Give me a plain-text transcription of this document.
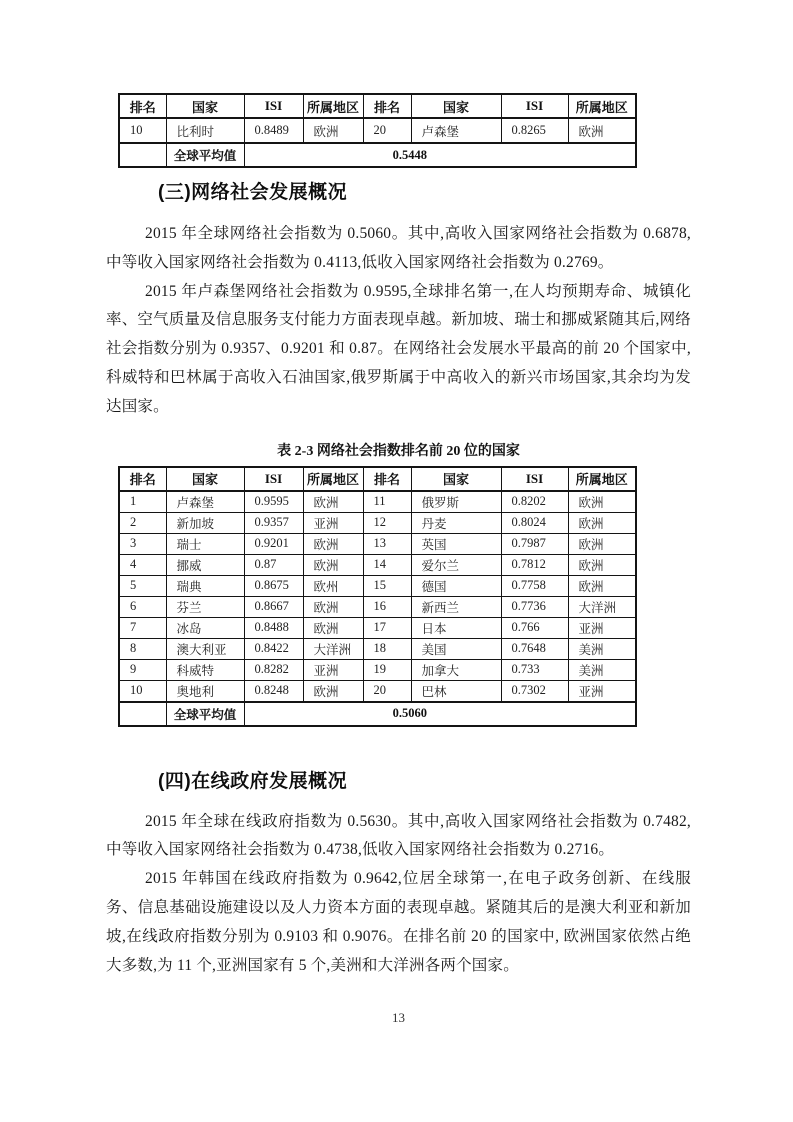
排名	国家	ISI	所属地区	排名	国家	ISI	所属地区
10	比利时	0.8489	欧洲	20	卢森堡	0.8265	欧洲
	全球平均值	0.5448					
(三)网络社会发展概况

2015 年全球网络社会指数为 0.5060。其中,高收入国家网络社会指数为 0.6878,中等收入国家网络社会指数为 0.4113,低收入国家网络社会指数为 0.2769。

2015 年卢森堡网络社会指数为 0.9595,全球排名第一,在人均预期寿命、城镇化率、空气质量及信息服务支付能力方面表现卓越。新加坡、瑞士和挪威紧随其后,网络社会指数分别为 0.9357、0.9201 和 0.87。在网络社会发展水平最高的前 20 个国家中,科威特和巴林属于高收入石油国家,俄罗斯属于中高收入的新兴市场国家,其余均为发达国家。

表 2-3 网络社会指数排名前 20 位的国家
排名	国家	ISI	所属地区	排名	国家	ISI	所属地区
1	卢森堡	0.9595	欧洲	11	俄罗斯	0.8202	欧洲
2	新加坡	0.9357	亚洲	12	丹麦	0.8024	欧洲
3	瑞士	0.9201	欧洲	13	英国	0.7987	欧洲
4	挪威	0.87	欧洲	14	爱尔兰	0.7812	欧洲
5	瑞典	0.8675	欧州	15	德国	0.7758	欧洲
6	芬兰	0.8667	欧洲	16	新西兰	0.7736	大洋洲
7	冰岛	0.8488	欧洲	17	日本	0.766	亚洲
8	澳大利亚	0.8422	大洋洲	18	美国	0.7648	美洲
9	科威特	0.8282	亚洲	19	加拿大	0.733	美洲
10	奥地利	0.8248	欧洲	20	巴林	0.7302	亚洲
	全球平均值	0.5060					
(四)在线政府发展概况

2015 年全球在线政府指数为 0.5630。其中,高收入国家网络社会指数为 0.7482,中等收入国家网络社会指数为 0.4738,低收入国家网络社会指数为 0.2716。

2015 年韩国在线政府指数为 0.9642,位居全球第一,在电子政务创新、在线服务、信息基础设施建设以及人力资本方面的表现卓越。紧随其后的是澳大利亚和新加坡,在线政府指数分别为 0.9103 和 0.9076。在排名前 20 的国家中, 欧洲国家依然占绝大多数,为 11 个,亚洲国家有 5 个,美洲和大洋洲各两个国家。

13
